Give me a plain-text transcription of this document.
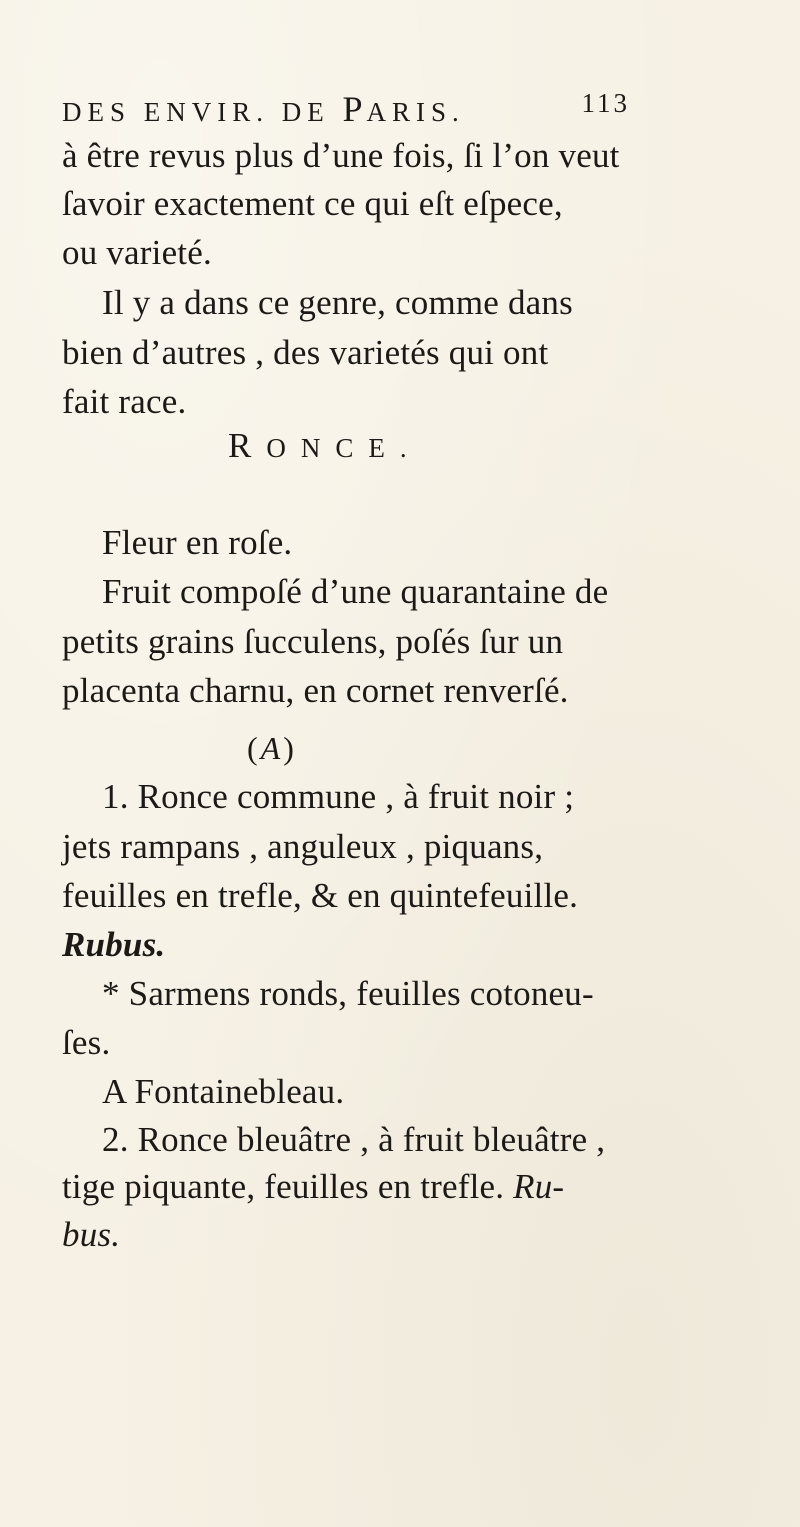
DES ENVIR. DE PARIS.	113
à être revus plus d’une fois, ſi l’on veut
ſavoir exactement ce qui eſt eſpece,
ou varieté.
Il y a dans ce genre, comme dans
bien d’autres , des varietés qui ont
fait race.
RONCE.
Fleur en roſe.
Fruit compoſé d’une quarantaine de
petits grains ſucculens, poſés ſur un
placenta charnu, en cornet renverſé.
(A)
1. Ronce commune , à fruit noir ;
jets rampans , anguleux , piquans,
feuilles en trefle, & en quintefeuille.
Rubus.
* Sarmens ronds, feuilles cotoneu-
ſes.
A Fontainebleau.
2. Ronce bleuâtre , à fruit bleuâtre ,
tige piquante, feuilles en trefle. Ru-
bus.
